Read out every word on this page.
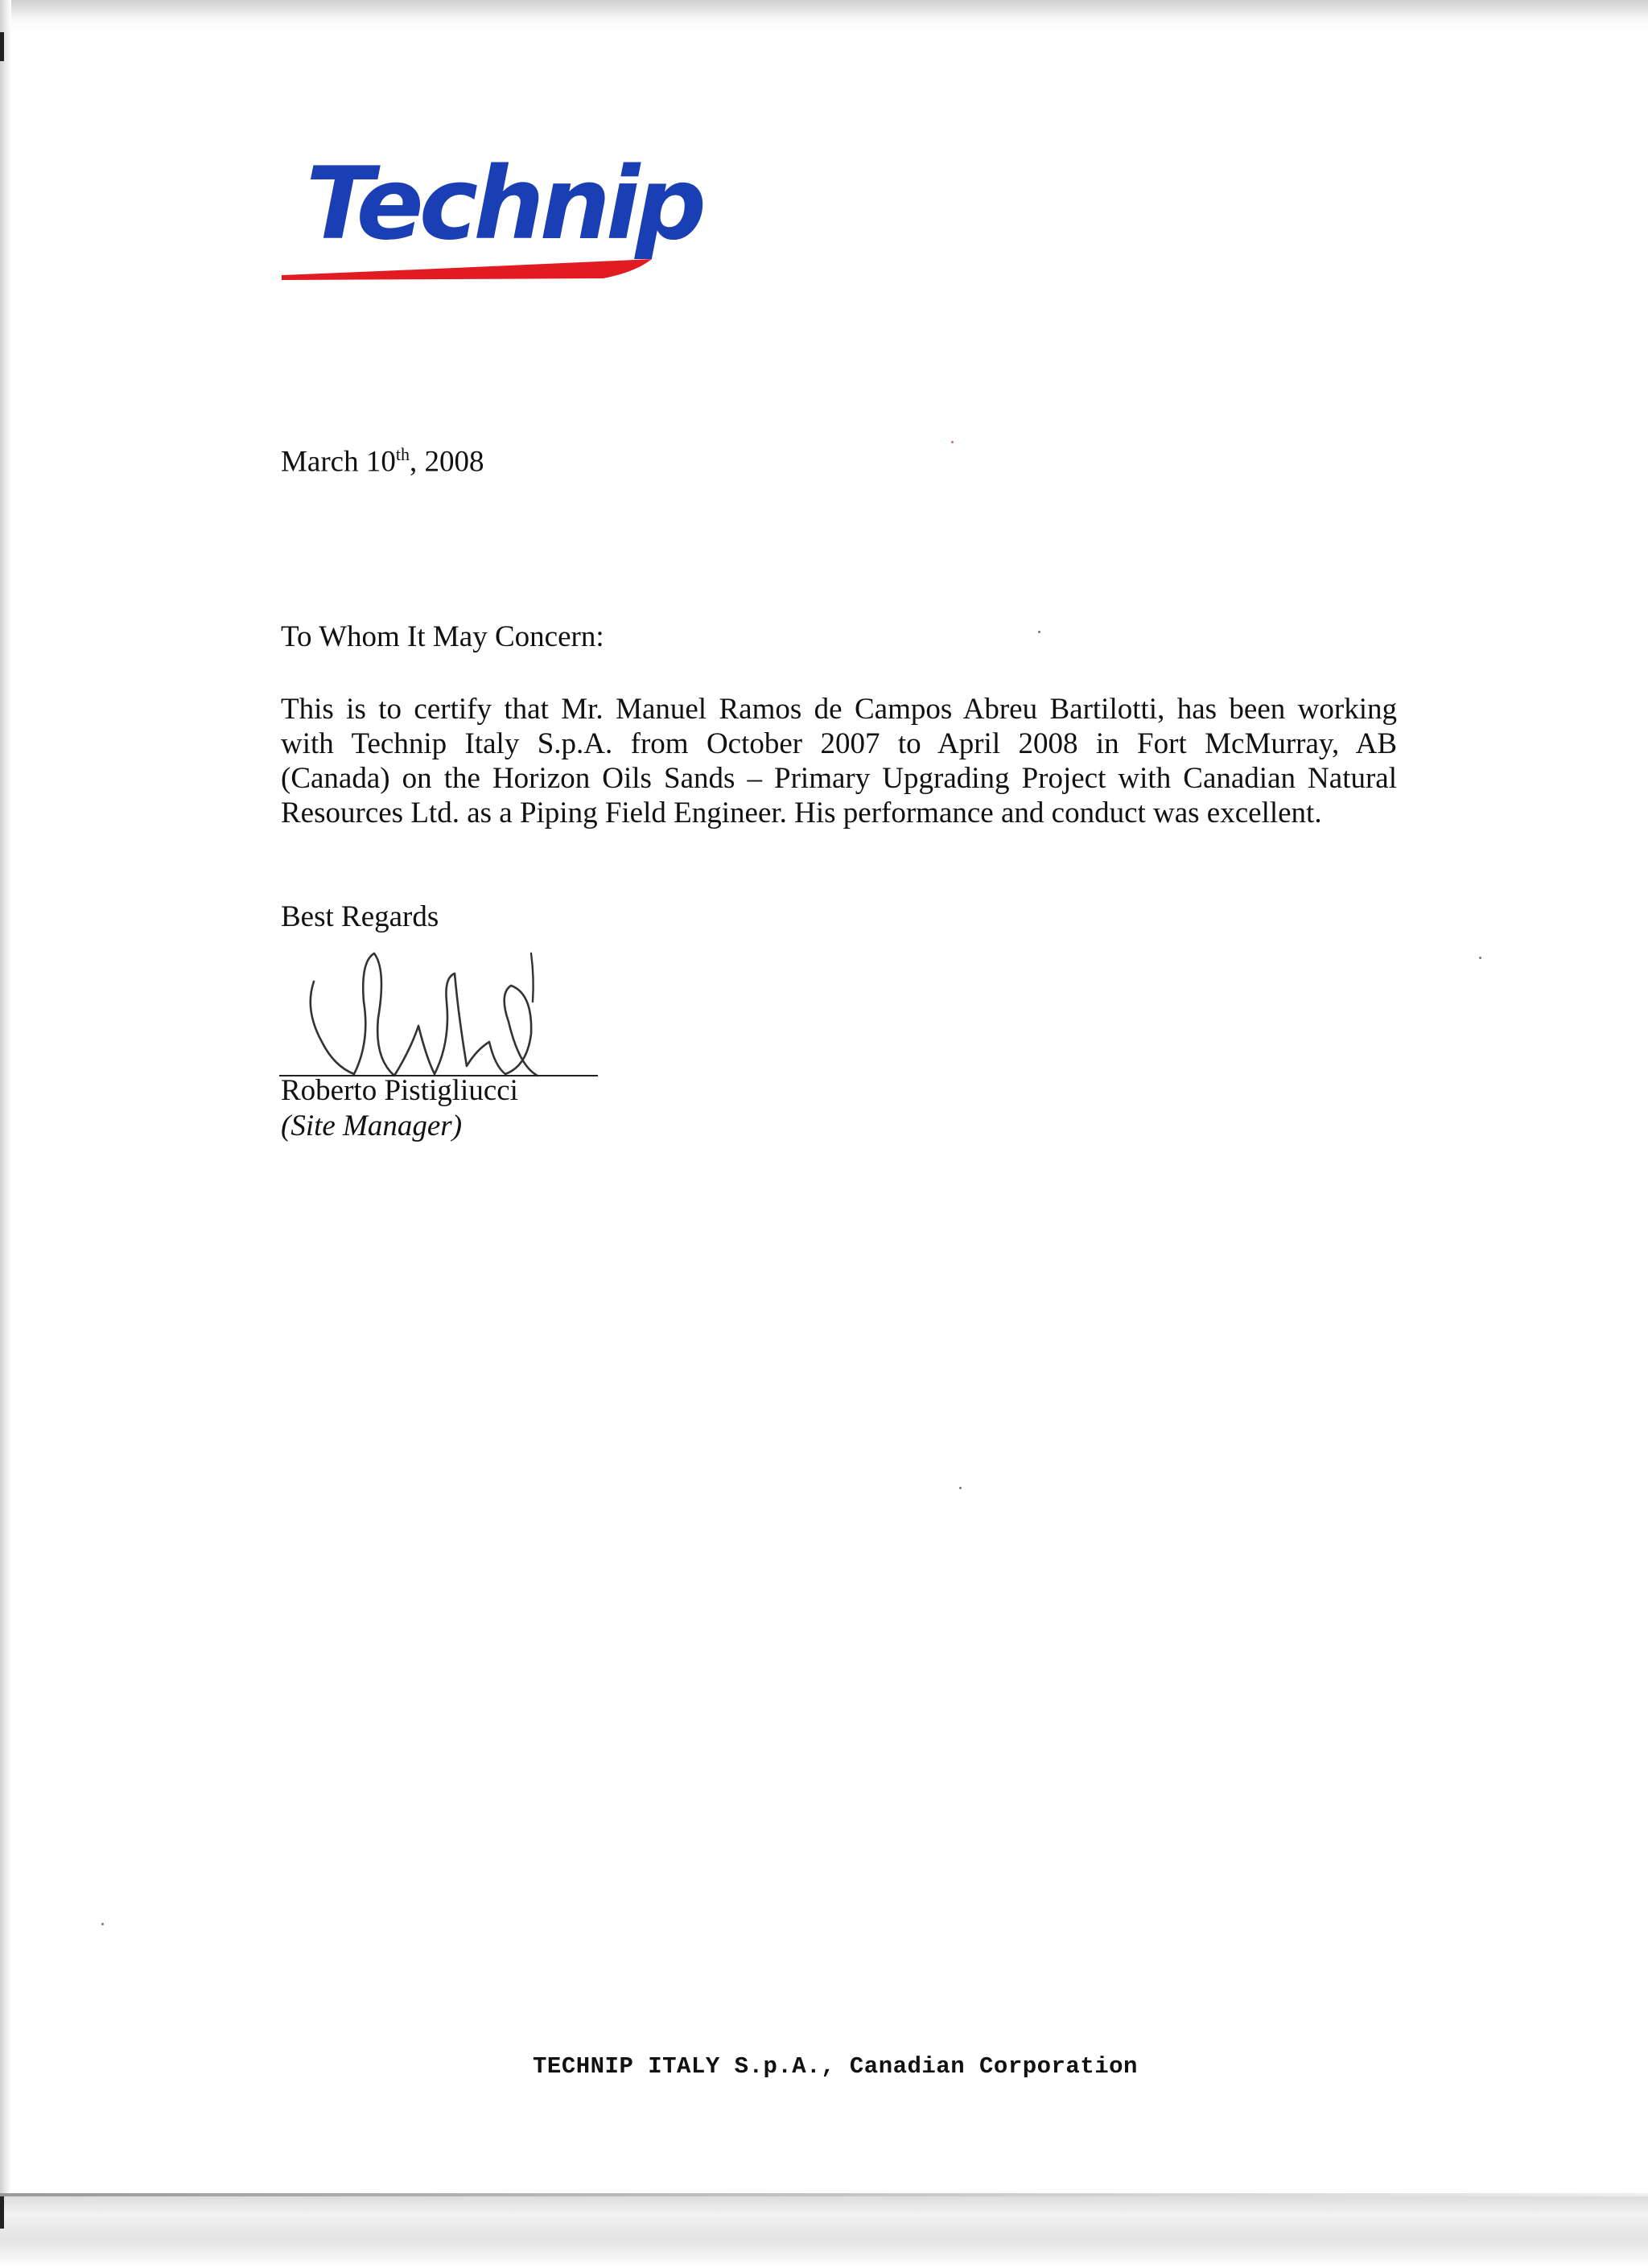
Technip
March 10th, 2008
To Whom It May Concern:
This is to certify that Mr. Manuel Ramos de Campos Abreu Bartilotti, has been working
with Technip Italy S.p.A. from October 2007 to April 2008 in Fort McMurray, AB
(Canada) on the Horizon Oils Sands – Primary Upgrading Project with Canadian Natural
Resources Ltd. as a Piping Field Engineer. His performance and conduct was excellent.
Best Regards
Roberto Pistigliucci
(Site Manager)
TECHNIP ITALY S.p.A., Canadian Corporation
